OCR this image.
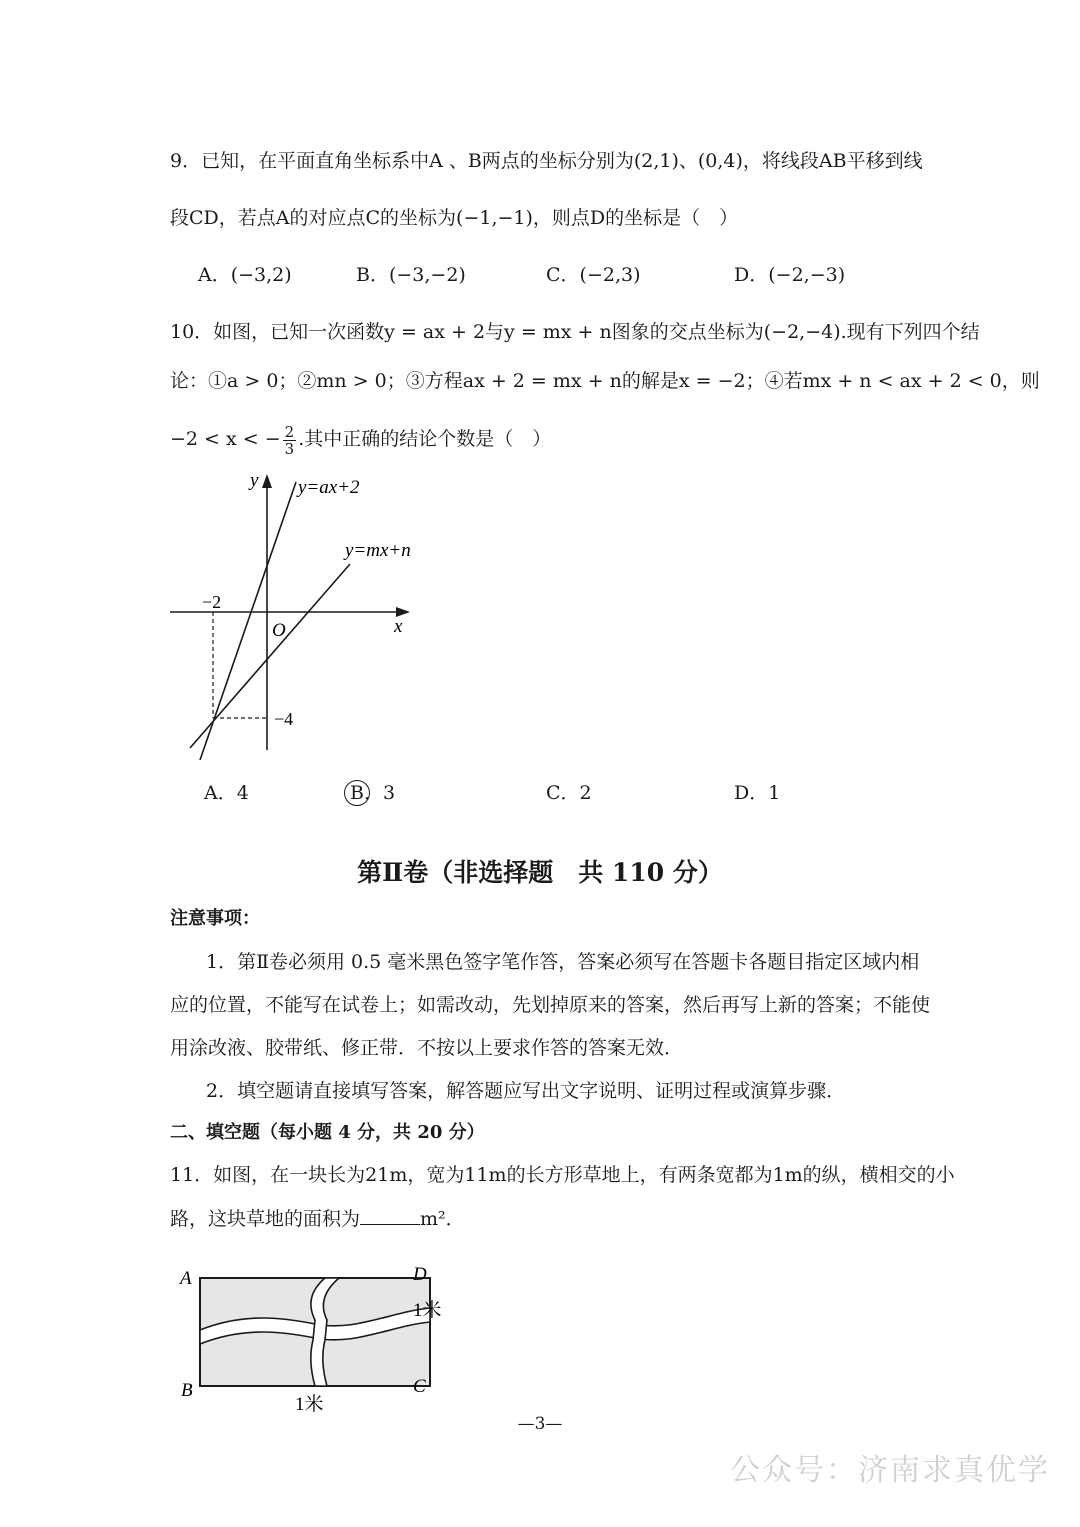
9．已知，在平面直角坐标系中A 、B两点的坐标分别为(2,1)、(0,4)，将线段AB平移到线
段CD，若点A的对应点C的坐标为(−1,−1)，则点D的坐标是（　）
A．(−3,2)	B．(−3,−2)	C．(−2,3)	D．(−2,−3)
10．如图，已知一次函数y = ax + 2与y = mx + n图象的交点坐标为(−2,−4).现有下列四个结
论：①a > 0；②mn > 0；③方程ax + 2 = mx + n的解是x = −2；④若mx + n < ax + 2 < 0，则
−2 < x < − $\frac{2}{3}$ .其中正确的结论个数是（　）
y
x
O
y=ax+2
y=mx+n
−2
−4
A．4	B．3	C．2	D．1
第Ⅱ卷（非选择题　共 110 分）
注意事项：
1．第Ⅱ卷必须用 0.5 毫米黑色签字笔作答，答案必须写在答题卡各题目指定区域内相
应的位置，不能写在试卷上；如需改动，先划掉原来的答案，然后再写上新的答案；不能使
用涂改液、胶带纸、修正带．不按以上要求作答的答案无效．
2．填空题请直接填写答案，解答题应写出文字说明、证明过程或演算步骤．
二、填空题（每小题 4 分，共 20 分）
11．如图，在一块长为21m，宽为11m的长方形草地上，有两条宽都为1m的纵，横相交的小
路，这块草地的面积为	m²．
A
B	C
D
1米
1米
—3—
公众号：济南求真优学
